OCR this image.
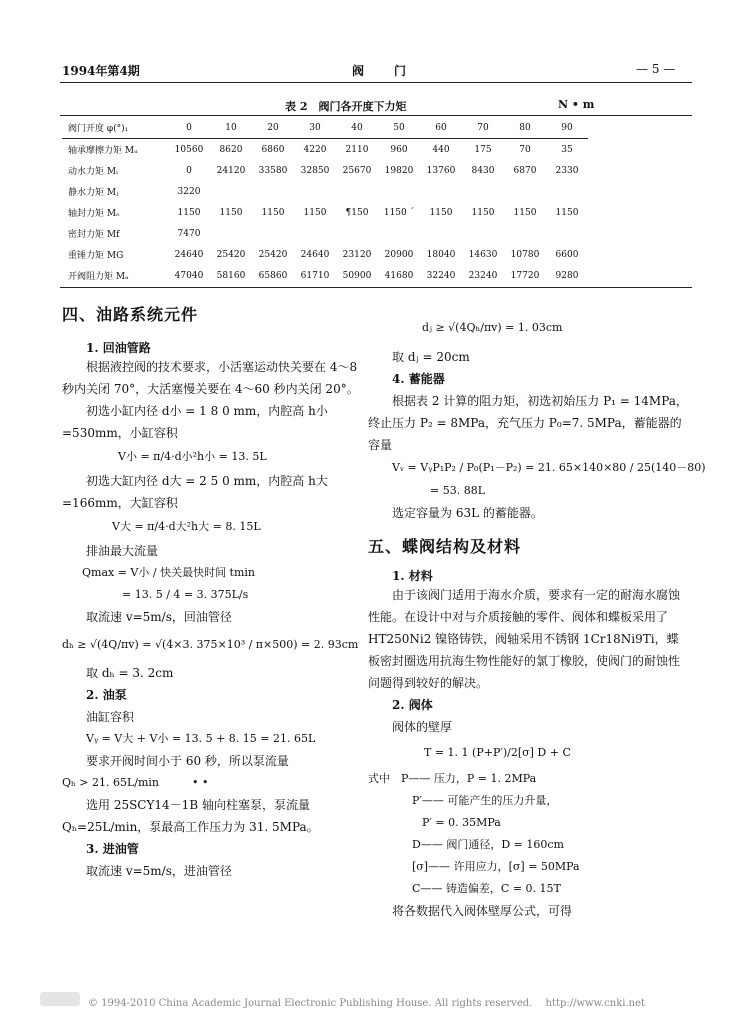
1994年第4期	阀　　门	— 5 —
表 2　阀门各开度下力矩	N • m
阀门开度 φ(°)₁	0	10	20	30	40	50	60	70	80	90
轴承摩擦力矩 Mᵤ	10560	8620	6860	4220	2110	960	440	175	70	35
动水力矩 Mᵢ	0	24120	33580	32850	25670	19820	13760	8430	6870	2330
静水力矩 Mⱼ	3220									
轴封力矩 Mₒ	1150	1150	1150	1150	¶150	1150 ˊ	1150	1150	1150	1150
密封力矩 Mf	7470									
重锤力矩 MG	24640	25420	25420	24640	23120	20900	18040	14630	10780	6600
开阀阻力矩 Mₐ	47040	58160	65860	61710	50900	41680	32240	23240	17720	9280
四、油路系统元件
1. 回油管路
根据液控阀的技术要求，小活塞运动快关要在 4～8 秒内关闭 70°，大活塞慢关要在 4～60 秒内关闭 20°。
初选小缸内径 d小 = 1 8 0 mm，内腔高 h小=530mm，小缸容积
V小 = π/4·d小²h小 = 13. 5L
初选大缸内径 d大 = 2 5 0 mm，内腔高 h大=166mm，大缸容积
V大 = π/4·d大²h大 = 8. 15L
排油最大流量
Qmax = V小 / 快关最快时间 tmin
= 13. 5 / 4 = 3. 375L/s
取流速 v=5m/s，回油管径
dₕ ≥ √(4Q/πv) = √(4×3. 375×10³ / π×500) = 2. 93cm
取 dₕ = 3. 2cm
2. 油泵
油缸容积
Vᵧ = V大 + V小 = 13. 5 + 8. 15 = 21. 65L
要求开阀时间小于 60 秒，所以泵流量
Qₕ > 21. 65L/min　　　• •
选用 25SCY14－1B 轴向柱塞泵，泵流量 Qₕ=25L/min，泵最高工作压力为 31. 5MPa。
3. 进油管
取流速 v=5m/s，进油管径
dⱼ ≥ √(4Qₕ/πv) = 1. 03cm
取 dⱼ = 20cm
4. 蓄能器
根据表 2 计算的阻力矩，初选初始压力 P₁ = 14MPa，终止压力 P₂ = 8MPa，充气压力 P₀=7. 5MPa，蓄能器的容量
Vᵥ = VᵧP₁P₂ / P₀(P₁－P₂) = 21. 65×140×80 / 25(140－80)
= 53. 88L
选定容量为 63L 的蓄能器。
五、蝶阀结构及材料
1. 材料
由于该阀门适用于海水介质，要求有一定的耐海水腐蚀性能。在设计中对与介质接触的零件、阀体和蝶板采用了 HT250Ni2 镍铬铸铁，阀轴采用不锈钢 1Cr18Ni9Ti，蝶板密封圈选用抗海生物性能好的氯丁橡胶，使阀门的耐蚀性问题得到较好的解决。
2. 阀体
阀体的壁厚
T = 1. 1 (P+P′)/2[σ] D + C
式中　P—— 压力，P = 1. 2MPa
P′—— 可能产生的压力升量，
P′ = 0. 35MPa
D—— 阀门通径，D = 160cm
[σ]—— 许用应力，[σ] = 50MPa
C—— 铸造偏差，C = 0. 15T
将各数据代入阀体壁厚公式，可得
© 1994-2010 China Academic Journal Electronic Publishing House. All rights reserved.　 http://www.cnki.net
